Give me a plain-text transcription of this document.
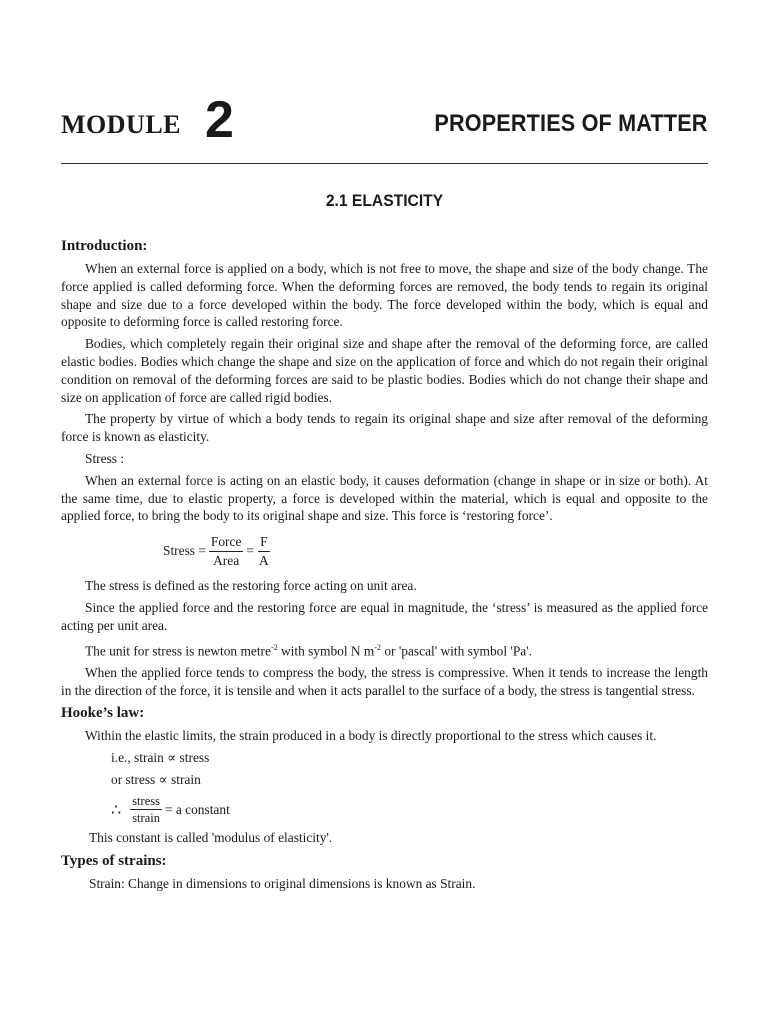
MODULE 2	PROPERTIES OF MATTER
2.1 ELASTICITY
Introduction:

When an external force is applied on a body, which is not free to move, the shape and size of the body change. The force applied is called deforming force. When the deforming forces are removed, the body tends to regain its original shape and size due to a force developed within the body. The force developed within the body, which is equal and opposite to deforming force is called restoring force.

Bodies, which completely regain their original size and shape after the removal of the deforming force, are called elastic bodies. Bodies which change the shape and size on the application of force and which do not regain their original condition on removal of the deforming forces are said to be plastic bodies. Bodies which do not change their shape and size on application of force are called rigid bodies.

The property by virtue of which a body tends to regain its original shape and size after removal of the deforming force is known as elasticity.

Stress :

When an external force is acting on an elastic body, it causes deformation (change in shape or in size or both). At the same time, due to elastic property, a force is developed within the material, which is equal and opposite to the applied force, to bring the body to its original shape and size. This force is ‘restoring force’.

Stress = $\frac{\text{Force}}{\text{Area}} = \frac{F}{A}$

The stress is defined as the restoring force acting on unit area.

Since the applied force and the restoring force are equal in magnitude, the ‘stress’ is measured as the applied force acting per unit area.

The unit for stress is newton metre$^{-2}$ with symbol N $m^{-2}$ or 'pascal' with symbol 'Pa'.

When the applied force tends to compress the body, the stress is compressive. When it tends to increase the length in the direction of the force, it is tensile and when it acts parallel to the surface of a body, the stress is tangential stress.

Hooke’s law:

Within the elastic limits, the strain produced in a body is directly proportional to the stress which causes it.

i.e., strain ∝ stress

or stress ∝ strain

∴ $\frac{\text{stress}}{\text{strain}} = a$ constant

This constant is called 'modulus of elasticity'.

Types of strains:

Strain: Change in dimensions to original dimensions is known as Strain.
